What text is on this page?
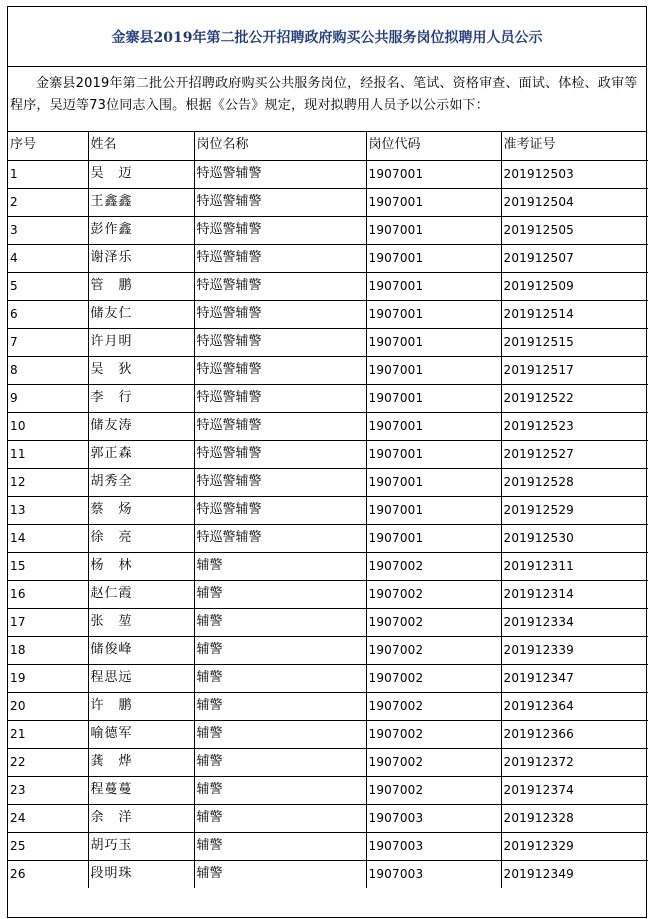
金寨县2019年第二批公开招聘政府购买公共服务岗位拟聘用人员公示
金寨县2019年第二批公开招聘政府购买公共服务岗位，经报名、笔试、资格审查、面试、体检、政审等程序，吴迈等73位同志入围。根据《公告》规定，现对拟聘用人员予以公示如下：
序号	姓名	岗位名称	岗位代码	准考证号
1	吴　迈	特巡警辅警	1907001	201912503
2	王鑫鑫	特巡警辅警	1907001	201912504
3	彭作鑫	特巡警辅警	1907001	201912505
4	谢泽乐	特巡警辅警	1907001	201912507
5	管　鹏	特巡警辅警	1907001	201912509
6	储友仁	特巡警辅警	1907001	201912514
7	许月明	特巡警辅警	1907001	201912515
8	吴　狄	特巡警辅警	1907001	201912517
9	李　行	特巡警辅警	1907001	201912522
10	储友涛	特巡警辅警	1907001	201912523
11	郭正森	特巡警辅警	1907001	201912527
12	胡秀全	特巡警辅警	1907001	201912528
13	蔡　炀	特巡警辅警	1907001	201912529
14	徐　亮	特巡警辅警	1907001	201912530
15	杨　林	辅警	1907002	201912311
16	赵仁霞	辅警	1907002	201912314
17	张　堃	辅警	1907002	201912334
18	储俊峰	辅警	1907002	201912339
19	程思远	辅警	1907002	201912347
20	许　鹏	辅警	1907002	201912364
21	喻德军	辅警	1907002	201912366
22	龚　烨	辅警	1907002	201912372
23	程蔓蔓	辅警	1907002	201912374
24	余　洋	辅警	1907003	201912328
25	胡巧玉	辅警	1907003	201912329
26	段明珠	辅警	1907003	201912349
